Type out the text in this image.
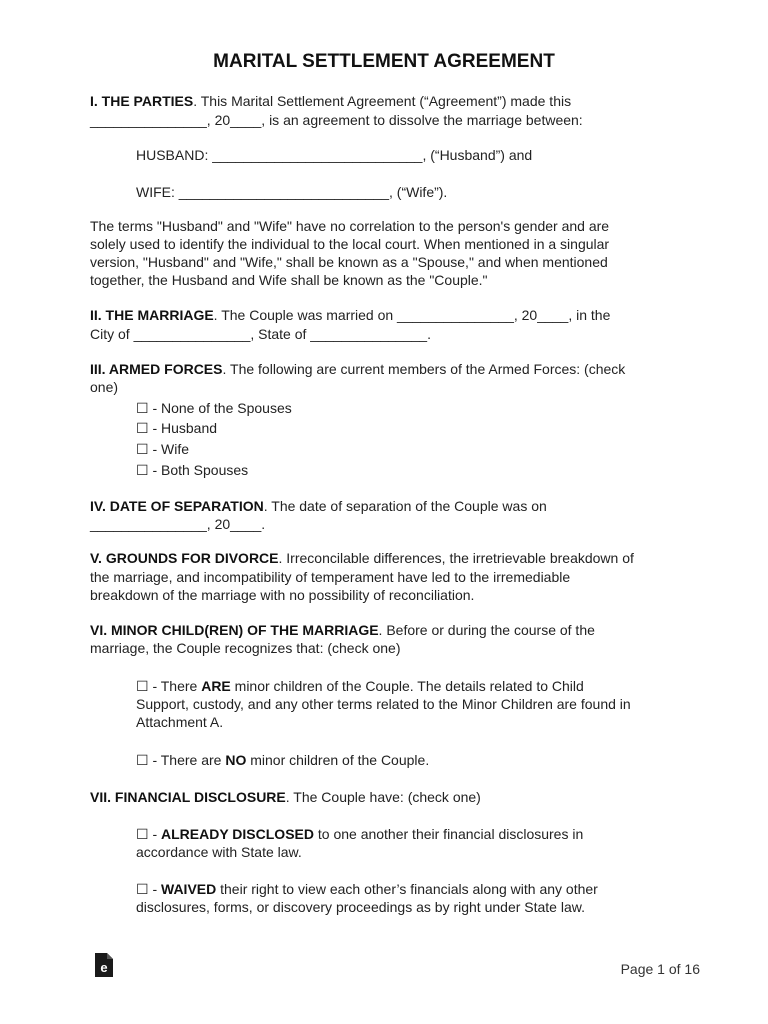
MARITAL SETTLEMENT AGREEMENT
I. THE PARTIES. This Marital Settlement Agreement (“Agreement”) made this
_______________, 20____, is an agreement to dissolve the marriage between:
HUSBAND: ___________________________, (“Husband”) and
WIFE: ___________________________, (“Wife”).
The terms "Husband" and "Wife" have no correlation to the person's gender and are
solely used to identify the individual to the local court. When mentioned in a singular
version, "Husband" and "Wife," shall be known as a "Spouse," and when mentioned
together, the Husband and Wife shall be known as the "Couple."
II. THE MARRIAGE. The Couple was married on _______________, 20____, in the
City of _______________, State of _______________.
III. ARMED FORCES. The following are current members of the Armed Forces: (check
one)
☐ - None of the Spouses
☐ - Husband
☐ - Wife
☐ - Both Spouses
IV. DATE OF SEPARATION. The date of separation of the Couple was on
_______________, 20____.
V. GROUNDS FOR DIVORCE. Irreconcilable differences, the irretrievable breakdown of
the marriage, and incompatibility of temperament have led to the irremediable
breakdown of the marriage with no possibility of reconciliation.
VI. MINOR CHILD(REN) OF THE MARRIAGE. Before or during the course of the
marriage, the Couple recognizes that: (check one)
☐ - There ARE minor children of the Couple. The details related to Child
Support, custody, and any other terms related to the Minor Children are found in
Attachment A.
☐ - There are NO minor children of the Couple.
VII. FINANCIAL DISCLOSURE. The Couple have: (check one)
☐ - ALREADY DISCLOSED to one another their financial disclosures in
accordance with State law.
☐ - WAIVED their right to view each other’s financials along with any other
disclosures, forms, or discovery proceedings as by right under State law.
e	Page 1 of 16
